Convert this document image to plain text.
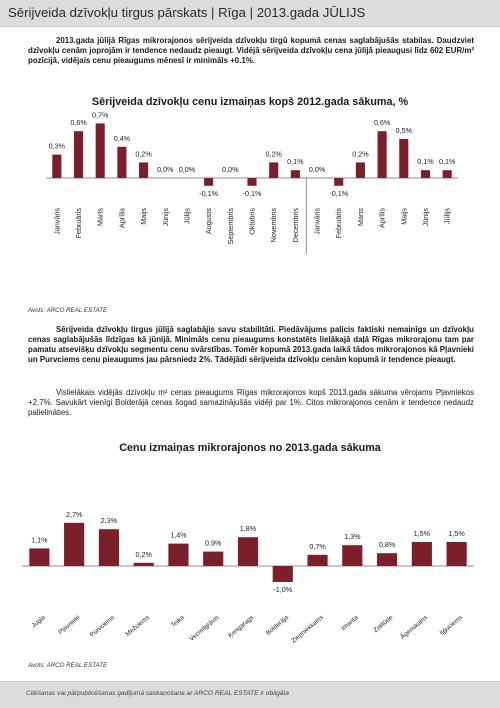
Sērijveida dzīvokļu tirgus pārskats | Rīga | 2013.gada JŪLIJS

2013.gada jūlijā Rīgas mikrorajonos sērijveida dzīvokļu tirgū kopumā cenas saglabājušās stabilas. Daudzviet dzīvokļu cenām joprojām ir tendence nedaudz pieaugt. Vidējā sērijveida dzīvokļu cena jūlijā pieaugusi līdz 602 EUR/m² pozīcijā, vidējais cenu pieaugums mēnesī ir minimāls +0.1%.

Sērijveida dzīvokļu cenu izmaiņas kopš 2012.gada sākuma, %
0,3%
Janvāris
0,6%
Februāris
0,7%
Marts
0,4%
Aprīlis
0,2%
Maijs
0,0%
Jūnijs
0,0%
Jūlijs
-0,1%
Augusts
0,0%
Septembris
-0,1%
Oktobris
0,2%
Novembris
0,1%
Decembris
0,0%
Janvāris
-0,1%
Februāris
0,2%
Marts
0,6%
Aprīlis
0,5%
Maijs
0,1%
Jūnijs
0,1%
Jūlijs
Avots: ARCO REAL ESTATE

Sērijveida dzīvokļu tirgus jūlijā saglabājis savu stabilitāti. Piedāvājums palicis faktiski nemainīgs un dzīvokļu cenas saglabājušās līdzīgas kā jūnijā. Minimāls cenu pieaugums konstatēts lielākajā daļā Rīgas mikrorajonu tam par pamatu atsevišķu dzīvokļu segmentu cenu svārstības. Tomēr kopumā 2013.gada laikā tādos mikrorajonos kā Pļavnieki un Purvciems cenu pieaugums jau pārsniedz 2%. Tādējādi sērijveida dzīvokļu cenām kopumā ir tendence pieaugt.

Vislielākais vidējās dzīvokļu m² cenas pieaugums Rīgas mikrorajonos kopš 2013.gada sākuma vērojams Pļavniekos +2.7%. Savukārt vienīgi Bolderājā cenas šogad samazinājušās vidēji par 1%. Citos mikrorajonos cenām ir tendence nedaudz palielināties.

Cenu izmaiņas mikrorajonos no 2013.gada sākuma
1,1%
Jugla
2,7%
Pļavnieki
2,3%
Purvciems
0,2%
Mežciems
1,4%
Teika
0,9%
Vecmīlgrāvis
1,8%
Ķengarags
-1,0%
Bolderāja
0,7%
Ziepniekkalns
1,3%
Imanta
0,8%
Zolitūde
1,5%
Āgenskalns
1,5%
Iļģuciems
Avots: ARCO REAL ESTATE
Citēšanas vai pārpublicēšanas gadījumā saskaņošana ar ARCO REAL ESTATE ir obligāta
